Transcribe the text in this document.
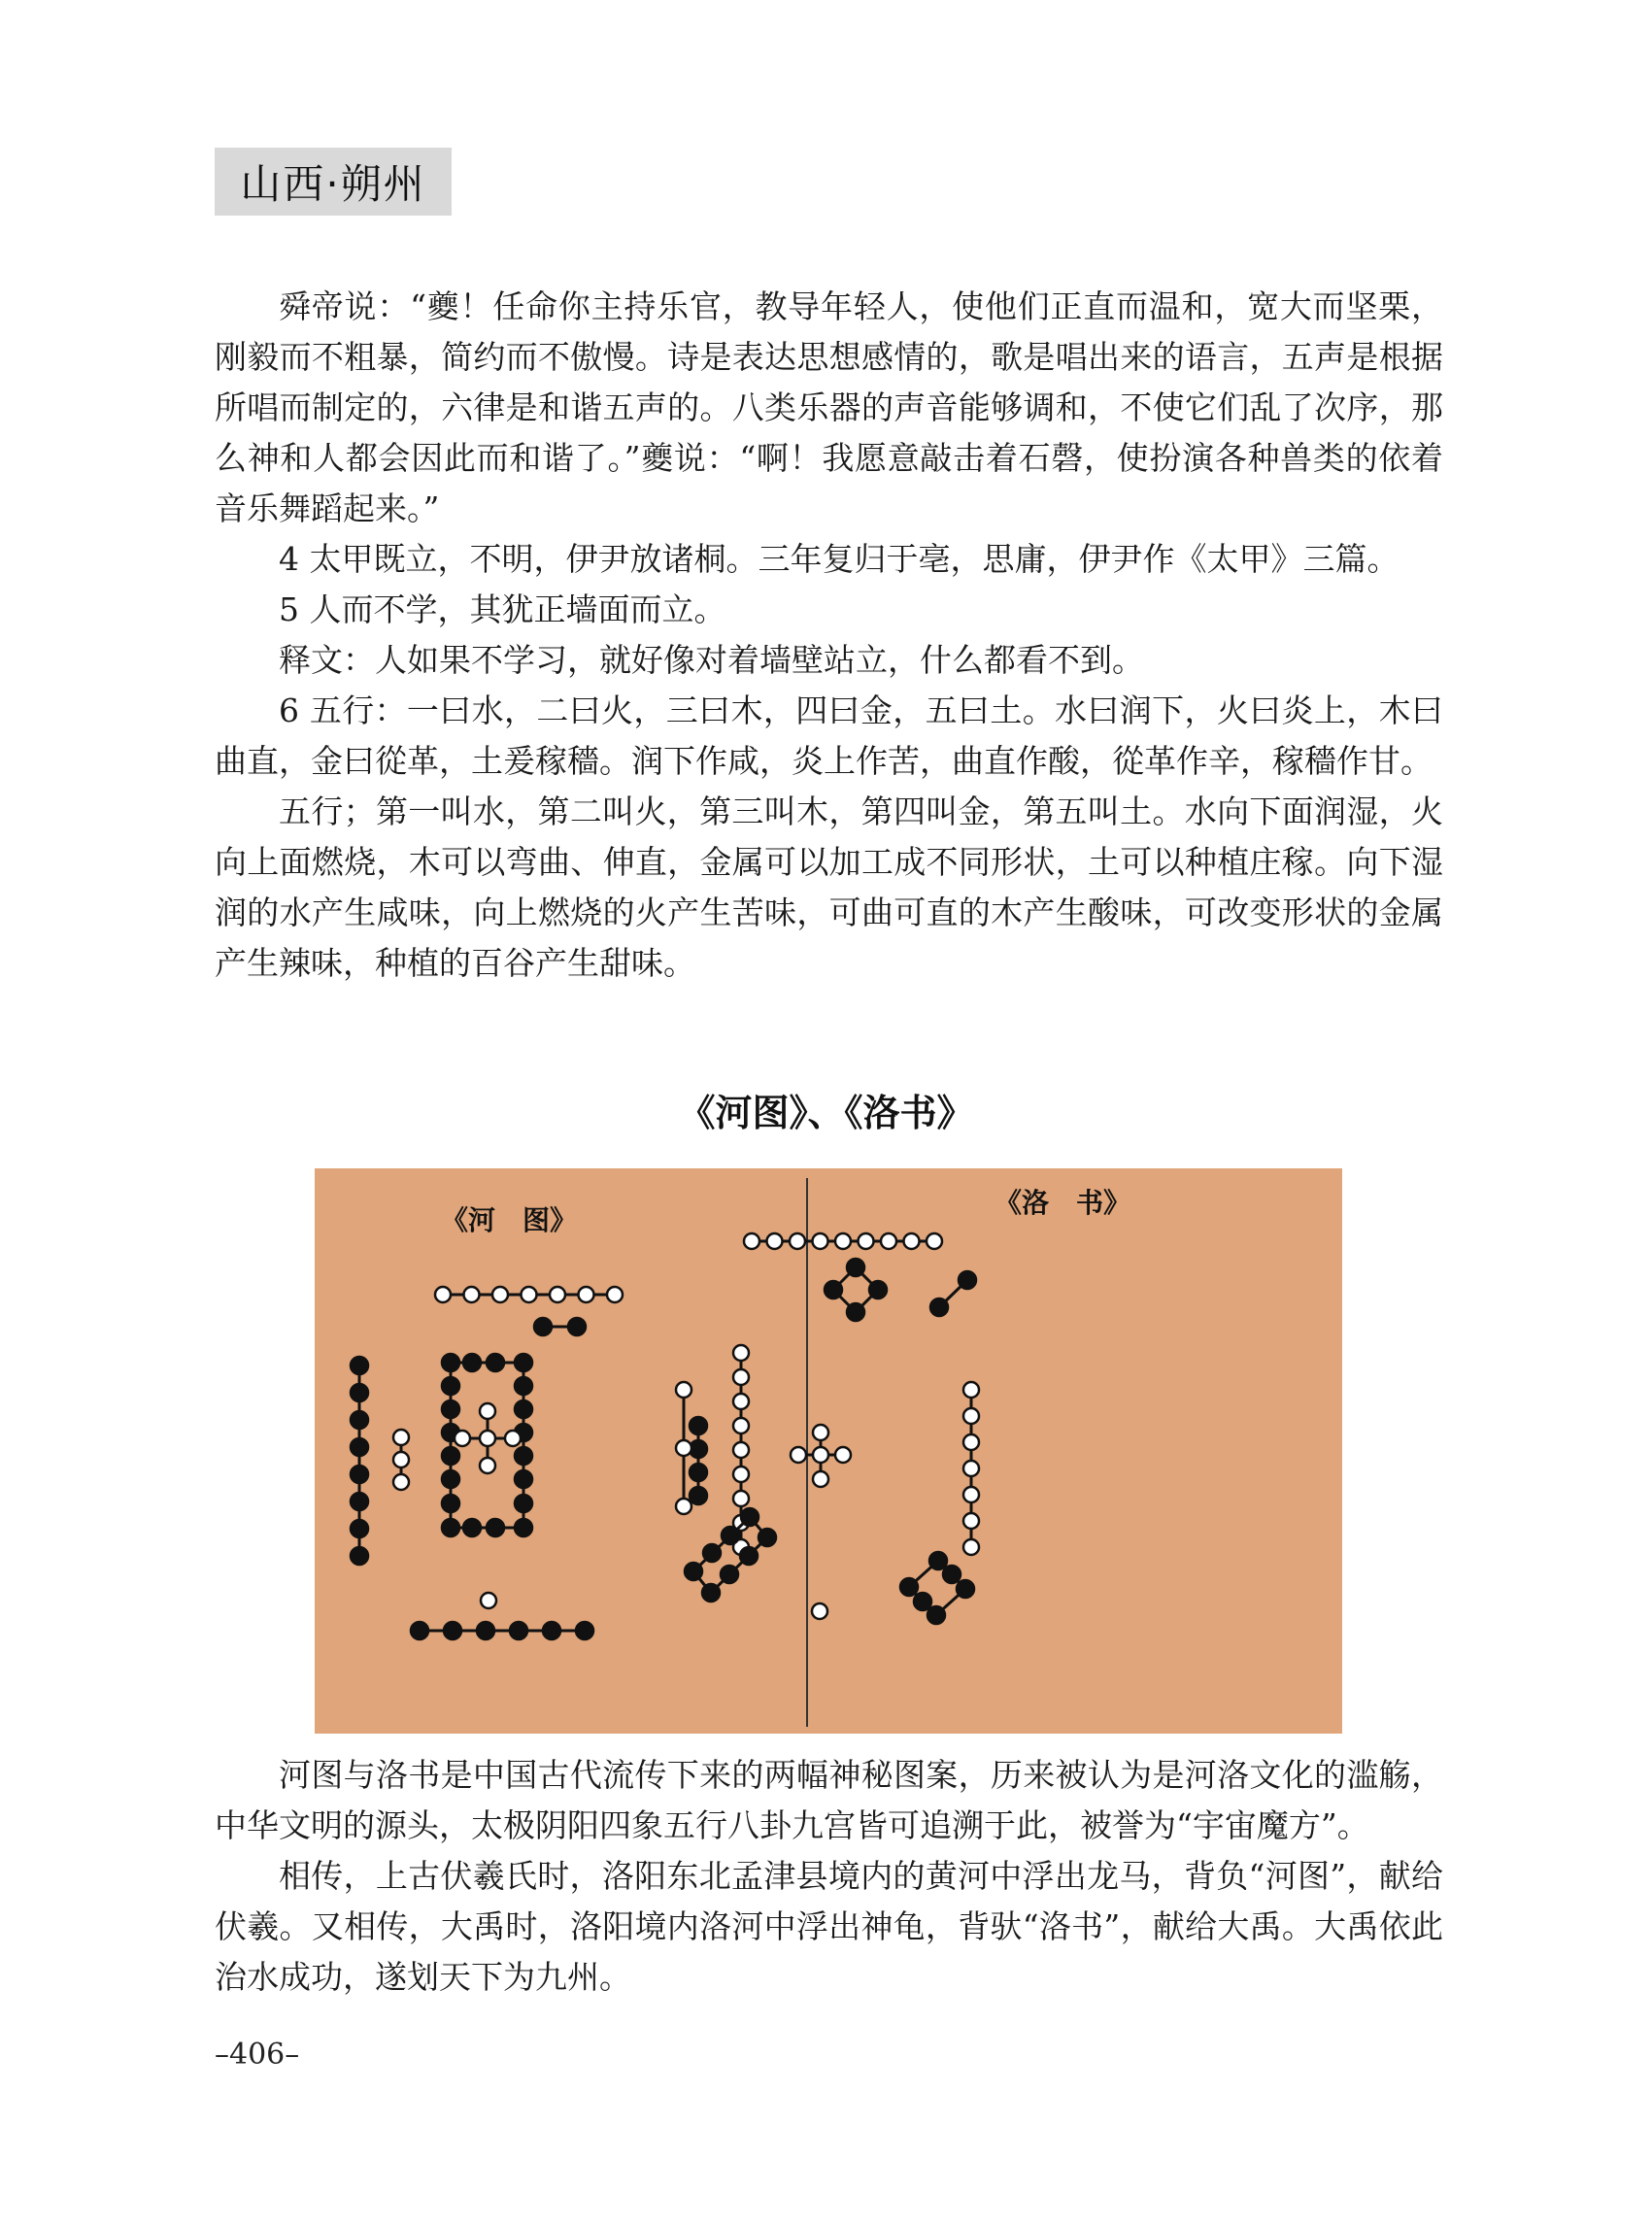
山西·朔州

舜帝说：“夔！任命你主持乐官，教导年轻人，使他们正直而温和，宽大而坚栗，刚毅而不粗暴，简约而不傲慢。诗是表达思想感情的，歌是唱出来的语言，五声是根据所唱而制定的，六律是和谐五声的。八类乐器的声音能够调和，不使它们乱了次序，那么神和人都会因此而和谐了。”夔说：“啊！我愿意敲击着石磬，使扮演各种兽类的依着音乐舞蹈起来。”

4 太甲既立，不明，伊尹放诸桐。三年复归于亳，思庸，伊尹作《太甲》三篇。

5 人而不学，其犹正墙面而立。

释文：人如果不学习，就好像对着墙壁站立，什么都看不到。

6 五行：一曰水，二曰火，三曰木，四曰金，五曰土。水曰润下，火曰炎上，木曰曲直，金曰從革，土爰稼穡。润下作咸，炎上作苦，曲直作酸，從革作辛，稼穡作甘。

五行；第一叫水，第二叫火，第三叫木，第四叫金，第五叫土。水向下面润湿，火向上面燃烧，木可以弯曲、伸直，金属可以加工成不同形状，土可以种植庄稼。向下湿润的水产生咸味，向上燃烧的火产生苦味，可曲可直的木产生酸味，可改变形状的金属产生辣味，种植的百谷产生甜味。

《河图》、《洛书》
《河　图》
《洛　书》

河图与洛书是中国古代流传下来的两幅神秘图案，历来被认为是河洛文化的滥觞，中华文明的源头，太极阴阳四象五行八卦九宫皆可追溯于此，被誉为“宇宙魔方”。

相传，上古伏羲氏时，洛阳东北孟津县境内的黄河中浮出龙马，背负“河图”，献给伏羲。又相传，大禹时，洛阳境内洛河中浮出神龟，背驮“洛书”，献给大禹。大禹依此治水成功，遂划天下为九州。

–406–
